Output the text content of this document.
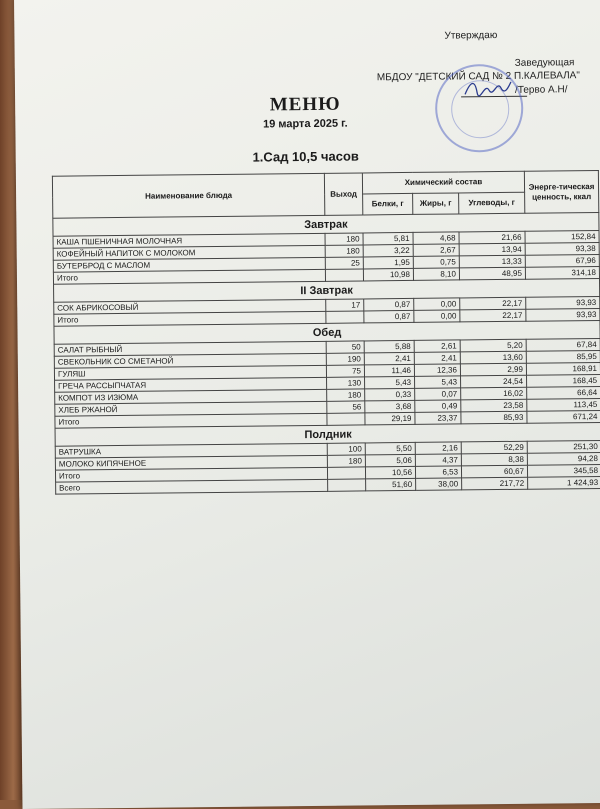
Утверждаю
Заведующая
МБДОУ "ДЕТСКИЙ САД № 2 П.КАЛЕВАЛА"
/Терво А.Н/
МЕНЮ
19 марта 2025 г.
1.Сад 10,5 часов
Наименование блюда	Выход	Химический состав			Энерге-тическая ценность, ккал
		Белки, г	Жиры, г	Углеводы, г	
Завтрак					
КАША ПШЕНИЧНАЯ МОЛОЧНАЯ	180	5,81	4,68	21,66	152,84
КОФЕЙНЫЙ НАПИТОК С МОЛОКОМ	180	3,22	2,67	13,94	93,38
БУТЕРБРОД С МАСЛОМ	25	1,95	0,75	13,33	67,96
Итого		10,98	8,10	48,95	314,18
II Завтрак					
СОК АБРИКОСОВЫЙ	17	0,87	0,00	22,17	93,93
Итого		0,87	0,00	22,17	93,93
Обед					
САЛАТ РЫБНЫЙ	50	5,88	2,61	5,20	67,84
СВЕКОЛЬНИК СО СМЕТАНОЙ	190	2,41	2,41	13,60	85,95
ГУЛЯШ	75	11,46	12,36	2,99	168,91
ГРЕЧА РАССЫПЧАТАЯ	130	5,43	5,43	24,54	168,45
КОМПОТ ИЗ ИЗЮМА	180	0,33	0,07	16,02	66,64
ХЛЕБ РЖАНОЙ	56	3,68	0,49	23,58	113,45
Итого		29,19	23,37	85,93	671,24
Полдник					
ВАТРУШКА	100	5,50	2,16	52,29	251,30
МОЛОКО КИПЯЧЕНОЕ	180	5,06	4,37	8,38	94,28
Итого		10,56	6,53	60,67	345,58
Всего		51,60	38,00	217,72	1 424,93
